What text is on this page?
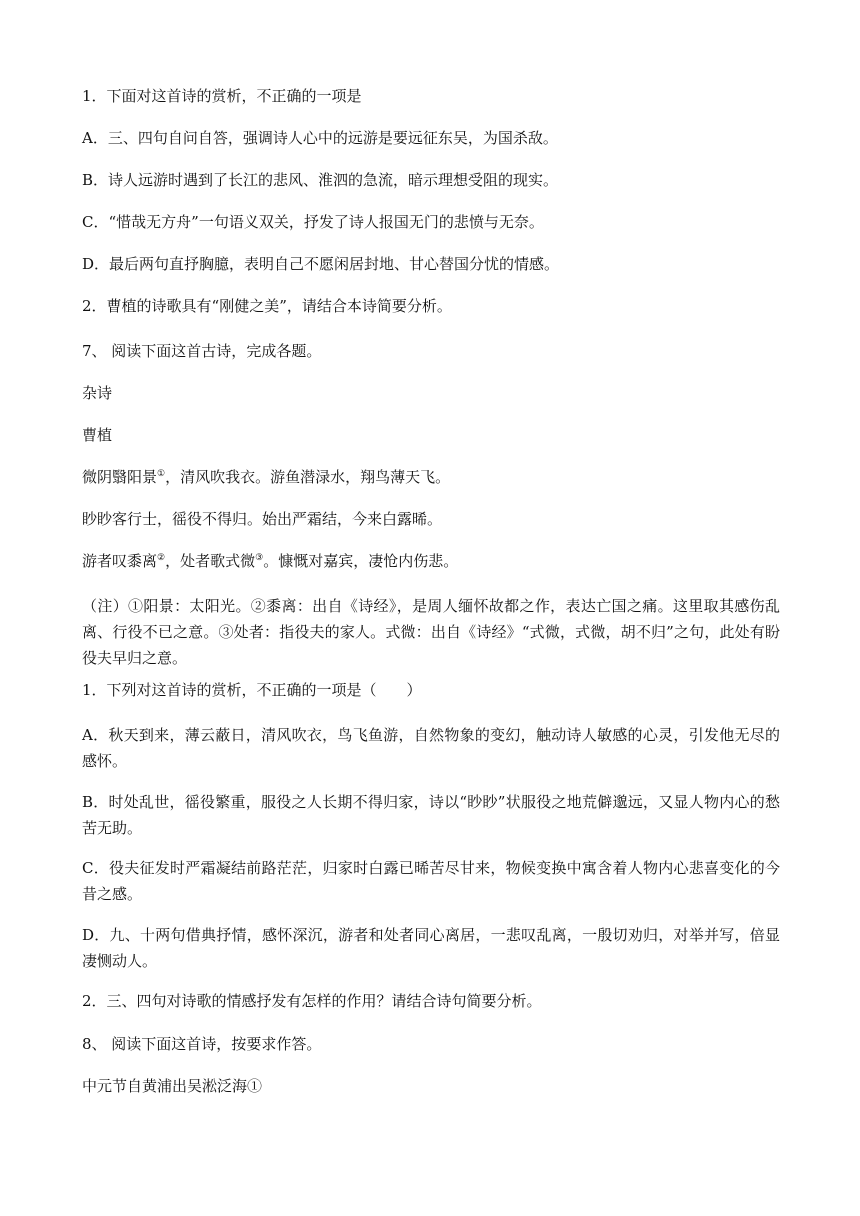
1．下面对这首诗的赏析，不正确的一项是

A．三、四句自问自答，强调诗人心中的远游是要远征东吴，为国杀敌。

B．诗人远游时遇到了长江的悲风、淮泗的急流，暗示理想受阻的现实。

C．“惜哉无方舟”一句语义双关，抒发了诗人报国无门的悲愤与无奈。

D．最后两句直抒胸臆，表明自己不愿闲居封地、甘心替国分忧的情感。

2．曹植的诗歌具有“刚健之美”，请结合本诗简要分析。

7、 阅读下面这首古诗，完成各题。

杂诗

曹植

微阴翳阳景①，清风吹我衣。游鱼潜渌水，翔鸟薄天飞。

眇眇客行士，徭役不得归。始出严霜结，今来白露晞。

游者叹黍离②，处者歌式微③。慷慨对嘉宾，凄怆内伤悲。

（注）①阳景：太阳光。②黍离：出自《诗经》，是周人缅怀故都之作，表达亡国之痛。这里取其感伤乱离、行役不已之意。③处者：指役夫的家人。式微：出自《诗经》“式微，式微，胡不归”之句，此处有盼役夫早归之意。

1．下列对这首诗的赏析，不正确的一项是（　　）

A．秋天到来，薄云蔽日，清风吹衣，鸟飞鱼游，自然物象的变幻，触动诗人敏感的心灵，引发他无尽的感怀。

B．时处乱世，徭役繁重，服役之人长期不得归家，诗以“眇眇”状服役之地荒僻邈远，又显人物内心的愁苦无助。

C．役夫征发时严霜凝结前路茫茫，归家时白露已晞苦尽甘来，物候变换中寓含着人物内心悲喜变化的今昔之感。

D．九、十两句借典抒情，感怀深沉，游者和处者同心离居，一悲叹乱离，一殷切劝归，对举并写，倍显凄恻动人。

2．三、四句对诗歌的情感抒发有怎样的作用？请结合诗句简要分析。

8、 阅读下面这首诗，按要求作答。

中元节自黄浦出吴淞泛海①
